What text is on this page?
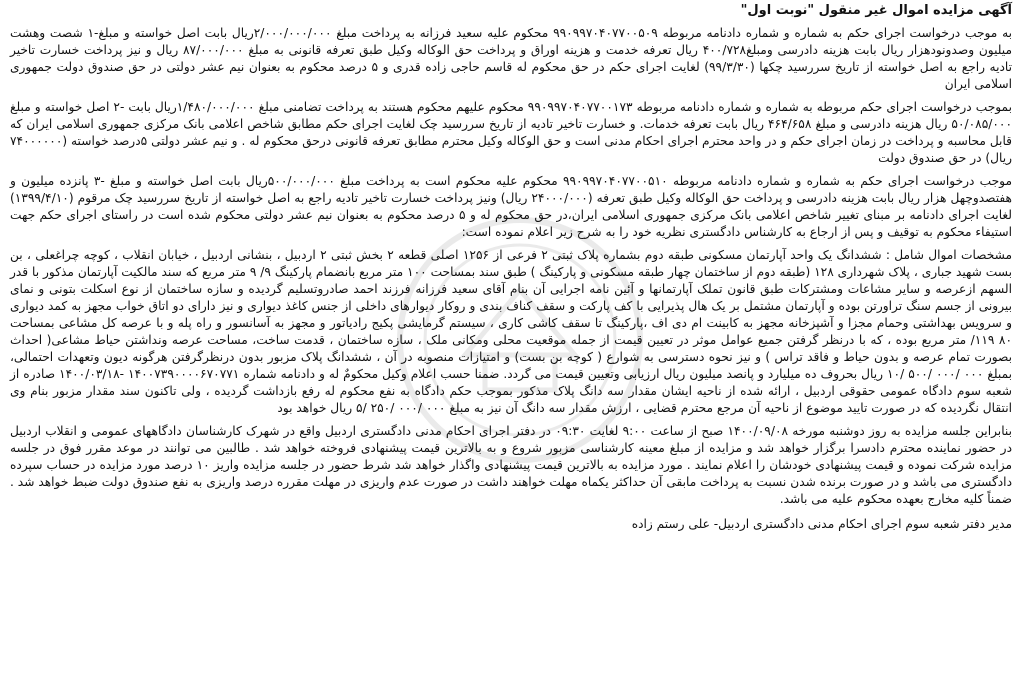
آگهی مزایده اموال غیر منقول "نوبت اول"
به موجب درخواست اجرای حکم به شماره و شماره دادنامه مربوطه ۹۹۰۹۹۷۰۴۰۷۷۰۰۵۰۹ محکوم علیه سعید فرزانه به پرداخت مبلغ ۲/۰۰۰/۰۰۰/۰۰۰ریال بابت اصل خواسته و مبلغ-۱ شصت وهشت میلیون وصدونودهزار ریال بابت هزینه دادرسی ومبلغ۴۰۰/۷۲۸ ریال تعرفه خدمت و هزینه اوراق و پرداخت حق الوکاله وکیل طبق تعرفه قانونی به مبلغ ۸۷/۰۰۰/۰۰۰ ریال و نیز پرداخت خسارت تاخیر تادیه راجع به اصل خواسته از تاریخ سررسید چکها (۹۹/۳/۳۰) لغایت اجرای حکم در حق محکوم له قاسم حاجی زاده قدری و ۵ درصد محکوم به بعنوان نیم عشر دولتی در حق صندوق دولت جمهوری اسلامی ایران
بموجب درخواست اجرای حکم مربوطه به شماره و شماره دادنامه مربوطه ۹۹۰۹۹۷۰۴۰۷۷۰۰۱۷۳ محکوم علیهم محکوم هستند به پرداخت تضامنی مبلغ ۱/۴۸۰/۰۰۰/۰۰۰ریال بابت -۲ اصل خواسته و مبلغ ۵۰/۰۸۵/۰۰۰ ریال هزینه دادرسی و مبلغ ۴۶۴/۶۵۸ ریال بابت تعرفه خدمات. و خسارت تاخیر تادیه از تاریخ سررسید چک لغایت اجرای حکم مطابق شاخص اعلامی بانک مرکزی جمهوری اسلامی ایران که قابل محاسبه و پرداخت در زمان اجرای حکم و در واحد محترم اجرای احکام مدنی است و حق الوکاله وکیل محترم مطابق تعرفه قانونی درحق محکوم له . و نیم عشر دولتی ۵درصد خواسته (۷۴۰۰۰۰۰۰ ریال) در حق صندوق دولت
موجب درخواست اجرای حکم به شماره و شماره دادنامه مربوطه ۹۹۰۹۹۷۰۴۰۷۷۰۰۵۱۰ محکوم علیه محکوم است به پرداخت مبلغ ۵۰۰/۰۰۰/۰۰۰ریال بابت اصل خواسته و مبلغ -۳ پانزده میلیون و هفتصدوچهل هزار ریال بابت هزینه دادرسی و پرداخت حق الوکاله وکیل طبق تعرفه (۲۴۰۰۰/۰۰۰ ریال) ونیز پرداخت خسارت تاخیر تادیه راجع به اصل خواسته از تاریخ سررسید چک مرقوم (۱۳۹۹/۴/۱۰) لغایت اجرای دادنامه بر مبنای تغییر شاخص اعلامی بانک مرکزی جمهوری اسلامی ایران،در حق محکوم له و ۵ درصد محکوم به بعنوان نیم عشر دولتی محکوم شده است در راستای اجرای حکم جهت استیفاء محکوم به توقیف و پس از ارجاع به کارشناس دادگستری نظریه خود را به شرح زیر اعلام نموده است:
مشخصات اموال شامل : ششدانگ یک واحد آپارتمان مسکونی طبقه دوم بشماره پلاک ثبتی ۲ فرعی از ۱۲۵۶ اصلی قطعه ۲ بخش ثبتی ۲ اردبیل ، بنشانی اردبیل ، خیابان انقلاب ، کوچه چراغعلی ، بن بست شهید جباری ، پلاک شهرداری ۱۲۸ (طبقه دوم از ساختمان چهار طبقه مسکونی و پارکینگ ) طبق سند بمساحت ۱۰۰ متر مربع بانضمام پارکینگ ۹/ ۹ متر مربع که سند مالکیت آپارتمان مذکور با قدر السهم ازعرصه و سایر مشاعات ومشترکات طبق قانون تملک آپارتمانها و آئین نامه اجرایی آن بنام آقای سعید فرزانه فرزند احمد صادروتسلیم گردیده و سازه ساختمان از نوع اسکلت بتونی و نمای بیرونی از جسم سنگ تراورتن بوده و آپارتمان مشتمل بر یک هال پذیرایی با کف پارکت و سقف کناف بندی و روکار دیوارهای داخلی از جنس کاغذ دیواری و نیز دارای دو اتاق خواب مجهز به کمد دیواری و سرویس بهداشتی وحمام مجزا و آشپزخانه مجهز به کابینت ام دی اف ،پارکینگ تا سقف کاشی کاری ، سیستم گرمایشی پکیج رادیاتور و مجهز به آسانسور و راه پله و با عرصه کل مشاعی بمساحت ۸۰ ۱۱۹/ متر مربع بوده ، که با درنظر گرفتن جمیع عوامل موثر در تعیین قیمت از جمله موقعیت محلی ومکانی ملک ، سازه ساختمان ، قدمت ساخت، مساحت عرصه ونداشتن حیاط مشاعی( احداث بصورت تمام عرصه و بدون حیاط و فاقد تراس ) و نیز نحوه دسترسی به شوارع ( کوچه بن بست) و امتیازات منصوبه در آن ، ششدانگ پلاک مزبور بدون درنظرگرفتن هرگونه دیون وتعهدات احتمالی، بمبلغ ۰۰۰ /۰۰۰ /۵۰۰ /۱۰ ریال بحروف ده میلیارد و پانصد میلیون ریال ارزیابی وتعیین قیمت می گردد. ضمنا حسب اعلام وکیل محکومٌ له و دادنامه شماره ۱۴۰۰۷۳۹۰۰۰۰۶۷۰۷۷۱ -۱۴۰۰/۰۳/۱۸ صادره از شعبه سوم دادگاه عمومی حقوقی اردبیل ، ارائه شده از ناحیه ایشان مقدار سه دانگ پلاک مذکور بموجب حکم دادگاه به نفع محکوم له رفع بازداشت گردیده ، ولی تاکنون سند مقدار مزبور بنام وی انتقال نگردیده که در صورت تایید موضوع از ناحیه آن مرجع محترم قضایی ، ارزش مقدار سه دانگ آن نیز به مبلغ ۰۰۰ /۰۰۰ /۲۵۰ /۵ ریال خواهد بود
بنابراین جلسه مزایده به روز دوشنبه مورخه ۱۴۰۰/۰۹/۰۸ صبح از ساعت ۹:۰۰ لغایت ۰۹:۳۰ در دفتر اجرای احکام مدنی دادگستری اردبیل واقع در شهرک کارشناسان دادگاههای عمومی و انقلاب اردبیل در حضور نماینده محترم دادسرا برگزار خواهد شد و مزایده از مبلغ معینه کارشناسی مزبور شروع و به بالاترین قیمت پیشنهادی فروخته خواهد شد . طالبین می توانند در موعد مقرر فوق در جلسه مزایده شرکت نموده و قیمت پیشنهادی خودشان را اعلام نمایند . مورد مزایده به بالاترین قیمت پیشنهادی واگذار خواهد شد شرط حضور در جلسه مزایده واریز ۱۰ درصد مورد مزایده در حساب سپرده دادگستری می باشد و در صورت برنده شدن نسبت به پرداخت مابقی آن حداکثر یکماه مهلت خواهند داشت در صورت عدم واریزی در مهلت مقرره درصد واریزی به نفع صندوق دولت ضبط خواهد شد . ضمناً کلیه مخارج بعهده محکوم علیه می باشد.
مدیر دفتر شعبه سوم اجرای احکام مدنی دادگستری اردبیل- علی رستم زاده
